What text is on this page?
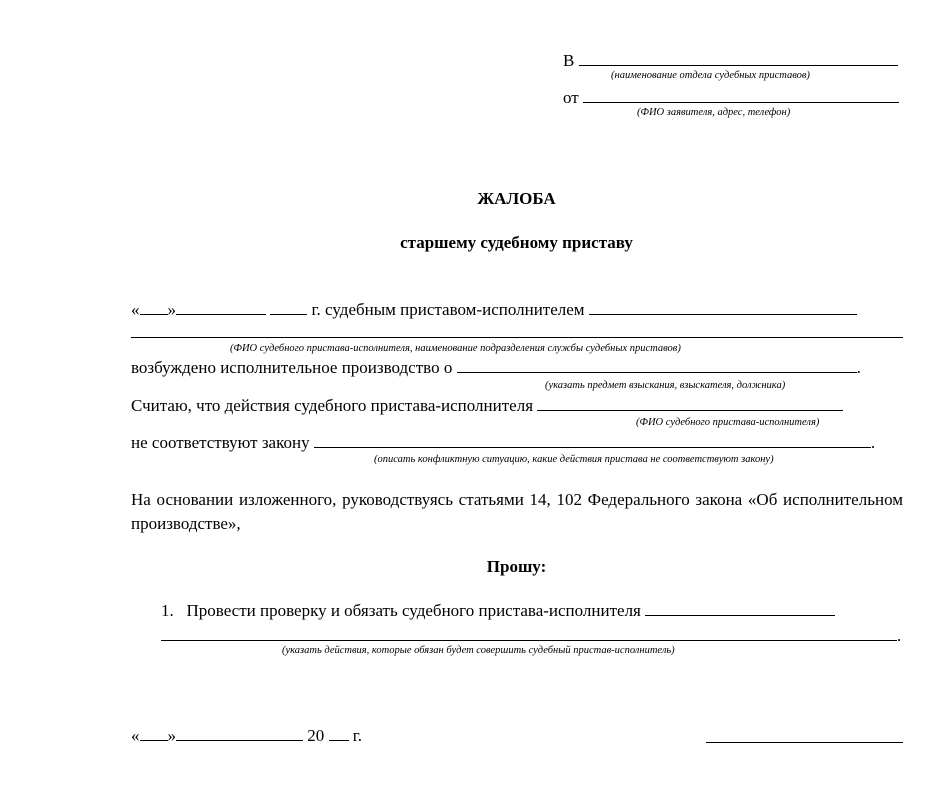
В
(наименование отдела судебных приставов)
от
(ФИО заявителя, адрес, телефон)
ЖАЛОБА
старшему судебному приставу
« »	г. судебным приставом-исполнителем
(ФИО судебного пристава-исполнителя, наименование подразделения службы судебных приставов)
возбуждено исполнительное производство о	.
(указать предмет взыскания, взыскателя, должника)
Считаю, что действия судебного пристава-исполнителя
(ФИО судебного пристава-исполнителя)
не соответствуют закону	.
(описать конфликтную ситуацию, какие действия пристава не соответствуют закону)
На основании изложенного, руководствуясь статьями 14, 102 Федерального закона «Об исполнительном производстве»,
Прошу:
1. Провести проверку и обязать судебного пристава-исполнителя
.
(указать действия, которые обязан будет совершить судебный пристав-исполнитель)
« »	20 г.
